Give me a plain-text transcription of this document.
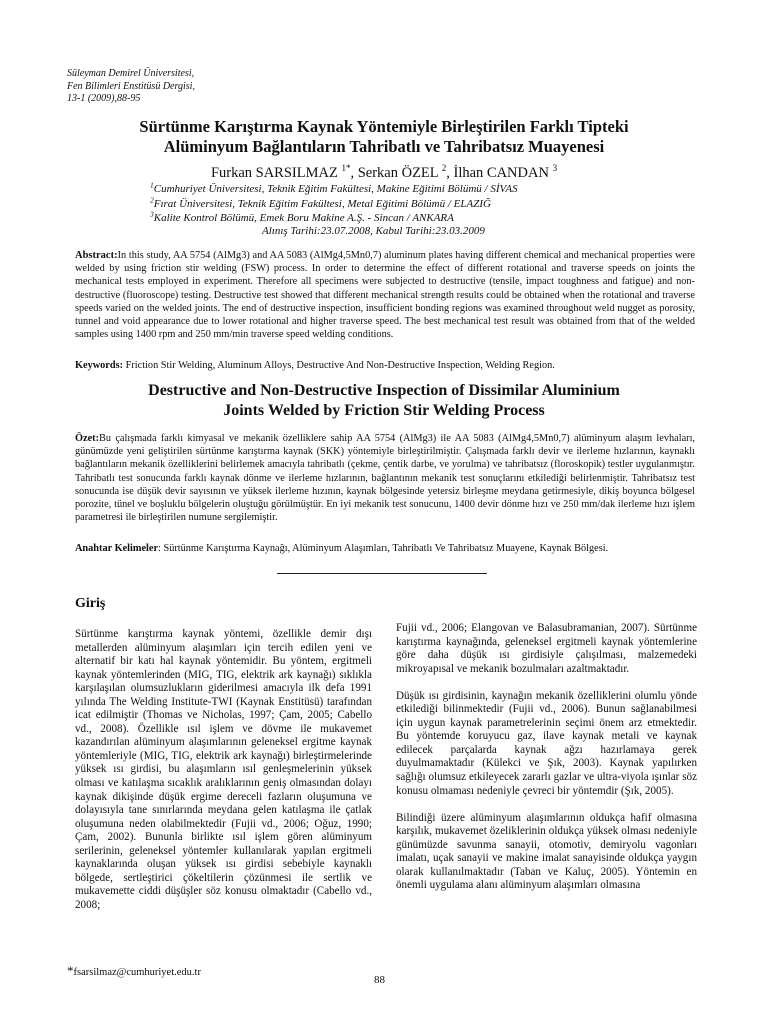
Süleyman Demirel Üniversitesi,
Fen Bilimleri Enstitüsü Dergisi,
13-1 (2009),88-95
Sürtünme Karıştırma Kaynak Yöntemiyle Birleştirilen Farklı Tipteki
Alüminyum Bağlantıların Tahribatlı ve Tahribatsız Muayenesi
Furkan SARSILMAZ $^{1*}$, Serkan ÖZEL $^2$, İlhan CANDAN $^3$
$^1$Cumhuriyet Üniversitesi, Teknik Eğitim Fakültesi, Makine Eğitimi Bölümü / SİVAS
$^2$Fırat Üniversitesi, Teknik Eğitim Fakültesi, Metal Eğitimi Bölümü / ELAZIĞ
$^3$Kalite Kontrol Bölümü, Emek Boru Makine A.Ş. - Sincan / ANKARA
Alınış Tarihi:23.07.2008, Kabul Tarihi:23.03.2009
Abstract:In this study, AA 5754 (AlMg3) and AA 5083 (AlMg4,5Mn0,7) aluminum plates having different chemical and mechanical properties were welded by using friction stir welding (FSW) process. In order to determine the effect of different rotational and traverse speeds on joints the mechanical tests employed in experiment. Therefore all specimens were subjected to destructive (tensile, impact toughness and fatigue) and non-destructive (fluoroscope) testing. Destructive test showed that different mechanical strength results could be obtained when the rotational and traverse speeds varied on the welded joints. The end of destructive inspection, insufficient bonding regions was examined throughout weld nugget as porosity, tunnel and void appearance due to lower rotational and higher traverse speed. The best mechanical test result was obtained from that of the welded samples using 1400 rpm and 250 mm/min traverse speed welding conditions.
Keywords: Friction Stir Welding, Aluminum Alloys, Destructive And Non-Destructive Inspection, Welding Region.
Destructive and Non-Destructive Inspection of Dissimilar Aluminium
Joints Welded by Friction Stir Welding Process
Özet:Bu çalışmada farklı kimyasal ve mekanik özelliklere sahip AA 5754 (AlMg3) ile AA 5083 (AlMg4,5Mn0,7) alüminyum alaşım levhaları, günümüzde yeni geliştirilen sürtünme karıştırma kaynak (SKK) yöntemiyle birleştirilmiştir. Çalışmada farklı devir ve ilerleme hızlarının, kaynaklı bağlantıların mekanik özelliklerini belirlemek amacıyla tahribatlı (çekme, çentik darbe, ve yorulma) ve tahribatsız (floroskopik) testler uygulanmıştır. Tahribatlı test sonucunda farklı kaynak dönme ve ilerleme hızlarının, bağlantının mekanik test sonuçlarını etkilediği belirlenmiştir. Tahribatsız test sonucunda ise düşük devir sayısının ve yüksek ilerleme hızının, kaynak bölgesinde yetersiz birleşme meydana getirmesiyle, dikiş boyunca bölgesel porozite, tünel ve boşluklu bölgelerin oluştuğu görülmüştür. En iyi mekanik test sonucunu, 1400 devir dönme hızı ve 250 mm/dak ilerleme hızı işlem parametresi ile birleştirilen numune sergilemiştir.
Anahtar Kelimeler: Sürtünme Karıştırma Kaynağı, Alüminyum Alaşımları, Tahribatlı Ve Tahribatsız Muayene, Kaynak Bölgesi.
Giriş

Sürtünme karıştırma kaynak yöntemi, özellikle demir dışı metallerden alüminyum alaşımları için tercih edilen yeni ve alternatif bir katı hal kaynak yöntemidir. Bu yöntem, ergitmeli kaynak yöntemlerinden (MIG, TIG, elektrik ark kaynağı) sıklıkla karşılaşılan olumsuzlukların giderilmesi amacıyla ilk defa 1991 yılında The Welding Institute-TWI (Kaynak Enstitüsü) tarafından icat edilmiştir (Thomas ve Nicholas, 1997; Çam, 2005; Cabello vd., 2008). Özellikle ısıl işlem ve dövme ile mukavemet kazandırılan alüminyum alaşımlarının geleneksel ergitme kaynak yöntemleriyle (MIG, TIG, elektrik ark kaynağı) birleştirmelerinde yüksek ısı girdisi, bu alaşımların ısıl genleşmelerinin yüksek olması ve katılaşma sıcaklık aralıklarının geniş olmasından dolayı kaynak dikişinde düşük ergime dereceli fazların oluşumuna ve dolayısıyla tane sınırlarında meydana gelen katılaşma ile çatlak oluşumuna neden olabilmektedir (Fujii vd., 2006; Oğuz, 1990; Çam, 2002). Bununla birlikte ısıl işlem gören alüminyum serilerinin, geleneksel yöntemler kullanılarak yapılan ergitmeli kaynaklarında oluşan yüksek ısı girdisi sebebiyle kaynaklı bölgede, sertleştirici çökeltilerin çözünmesi ile sertlik ve mukavemette ciddi düşüşler söz konusu olmaktadır (Cabello vd., 2008;

Fujii vd., 2006; Elangovan ve Balasubramanian, 2007). Sürtünme karıştırma kaynağında, geleneksel ergitmeli kaynak yöntemlerine göre daha düşük ısı girdisiyle çalışılması, malzemedeki mikroyapısal ve mekanik bozulmaları azaltmaktadır.

Düşük ısı girdisinin, kaynağın mekanik özelliklerini olumlu yönde etkilediği bilinmektedir (Fujii vd., 2006). Bunun sağlanabilmesi için uygun kaynak parametrelerinin seçimi önem arz etmektedir. Bu yöntemde koruyucu gaz, ilave kaynak metali ve kaynak edilecek parçalarda kaynak ağzı hazırlamaya gerek duyulmamaktadır (Külekci ve Şık, 2003). Kaynak yapılırken sağlığı olumsuz etkileyecek zararlı gazlar ve ultra-viyola ışınlar söz konusu olmaması nedeniyle çevreci bir yöntemdir (Şık, 2005).

Bilindiği üzere alüminyum alaşımlarının oldukça hafif olmasına karşılık, mukavemet özeliklerinin oldukça yüksek olması nedeniyle günümüzde savunma sanayii, otomotiv, demiryolu vagonları imalatı, uçak sanayii ve makine imalat sanayisinde oldukça yaygın olarak kullanılmaktadır (Taban ve Kaluç, 2005). Yöntemin en önemli uygulama alanı alüminyum alaşımları olmasına

*fsarsilmaz@cumhuriyet.edu.tr
88
